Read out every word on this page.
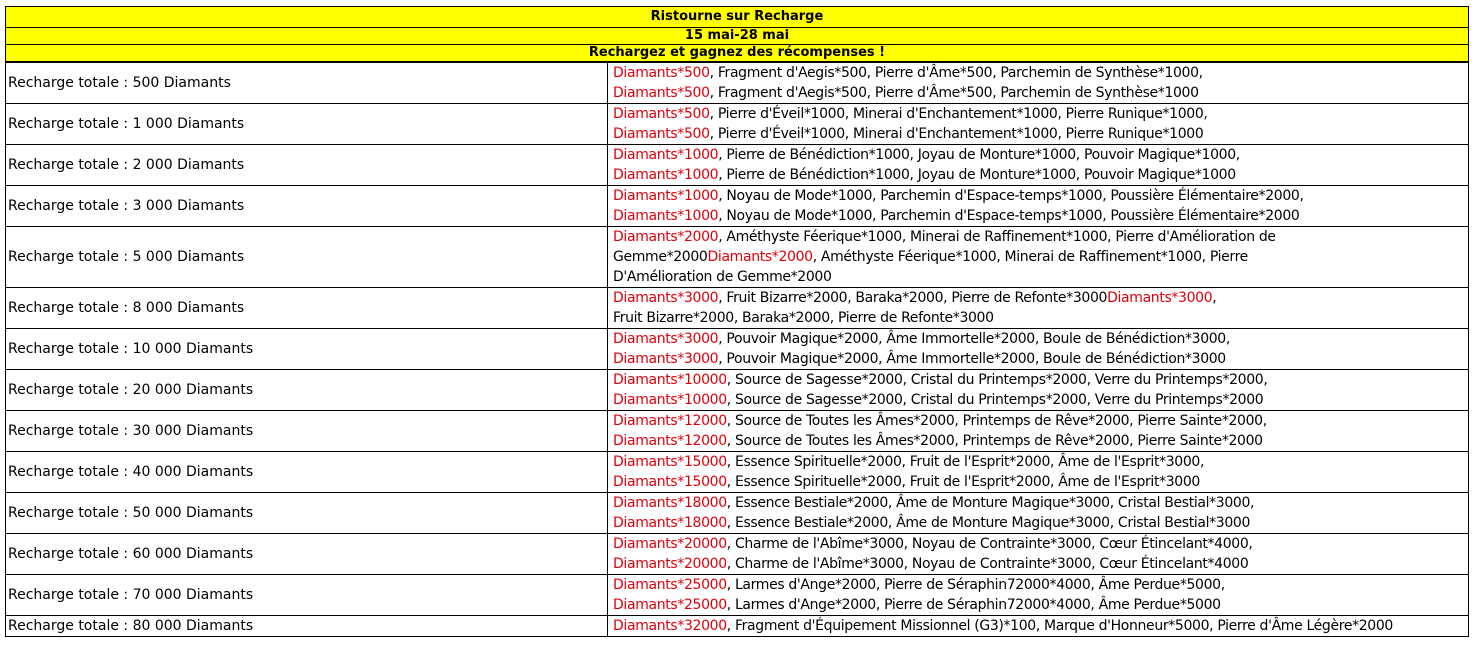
Ristourne sur Recharge
15 mai-28 mai
Rechargez et gagnez des récompenses !
Recharge totale : 500 Diamants	Diamants*500, Fragment d'Aegis*500, Pierre d'Âme*500, Parchemin de Synthèse*1000,
Diamants*500, Fragment d'Aegis*500, Pierre d'Âme*500, Parchemin de Synthèse*1000

Recharge totale : 1 000 Diamants	Diamants*500, Pierre d'Éveil*1000, Minerai d'Enchantement*1000, Pierre Runique*1000,
Diamants*500, Pierre d'Éveil*1000, Minerai d'Enchantement*1000, Pierre Runique*1000

Recharge totale : 2 000 Diamants	Diamants*1000, Pierre de Bénédiction*1000, Joyau de Monture*1000, Pouvoir Magique*1000,
Diamants*1000, Pierre de Bénédiction*1000, Joyau de Monture*1000, Pouvoir Magique*1000

Recharge totale : 3 000 Diamants	Diamants*1000, Noyau de Mode*1000, Parchemin d'Espace-temps*1000, Poussière Élémentaire*2000,
Diamants*1000, Noyau de Mode*1000, Parchemin d'Espace-temps*1000, Poussière Élémentaire*2000

Recharge totale : 5 000 Diamants	Diamants*2000, Améthyste Féerique*1000, Minerai de Raffinement*1000, Pierre d'Amélioration de
Gemme*2000Diamants*2000, Améthyste Féerique*1000, Minerai de Raffinement*1000, Pierre
D'Amélioration de Gemme*2000

Recharge totale : 8 000 Diamants	Diamants*3000, Fruit Bizarre*2000, Baraka*2000, Pierre de Refonte*3000Diamants*3000,
Fruit Bizarre*2000, Baraka*2000, Pierre de Refonte*3000

Recharge totale : 10 000 Diamants	Diamants*3000, Pouvoir Magique*2000, Âme Immortelle*2000, Boule de Bénédiction*3000,
Diamants*3000, Pouvoir Magique*2000, Âme Immortelle*2000, Boule de Bénédiction*3000

Recharge totale : 20 000 Diamants	Diamants*10000, Source de Sagesse*2000, Cristal du Printemps*2000, Verre du Printemps*2000,
Diamants*10000, Source de Sagesse*2000, Cristal du Printemps*2000, Verre du Printemps*2000

Recharge totale : 30 000 Diamants	Diamants*12000, Source de Toutes les Âmes*2000, Printemps de Rêve*2000, Pierre Sainte*2000,
Diamants*12000, Source de Toutes les Âmes*2000, Printemps de Rêve*2000, Pierre Sainte*2000

Recharge totale : 40 000 Diamants	Diamants*15000, Essence Spirituelle*2000, Fruit de l'Esprit*2000, Âme de l'Esprit*3000,
Diamants*15000, Essence Spirituelle*2000, Fruit de l'Esprit*2000, Âme de l'Esprit*3000

Recharge totale : 50 000 Diamants	Diamants*18000, Essence Bestiale*2000, Âme de Monture Magique*3000, Cristal Bestial*3000,
Diamants*18000, Essence Bestiale*2000, Âme de Monture Magique*3000, Cristal Bestial*3000

Recharge totale : 60 000 Diamants	Diamants*20000, Charme de l'Abîme*3000, Noyau de Contrainte*3000, Cœur Étincelant*4000,
Diamants*20000, Charme de l'Abîme*3000, Noyau de Contrainte*3000, Cœur Étincelant*4000

Recharge totale : 70 000 Diamants	Diamants*25000, Larmes d'Ange*2000, Pierre de Séraphin72000*4000, Âme Perdue*5000,
Diamants*25000, Larmes d'Ange*2000, Pierre de Séraphin72000*4000, Âme Perdue*5000

Recharge totale : 80 000 Diamants	Diamants*32000, Fragment d'Équipement Missionnel (G3)*100, Marque d'Honneur*5000, Pierre d'Âme Légère*2000
